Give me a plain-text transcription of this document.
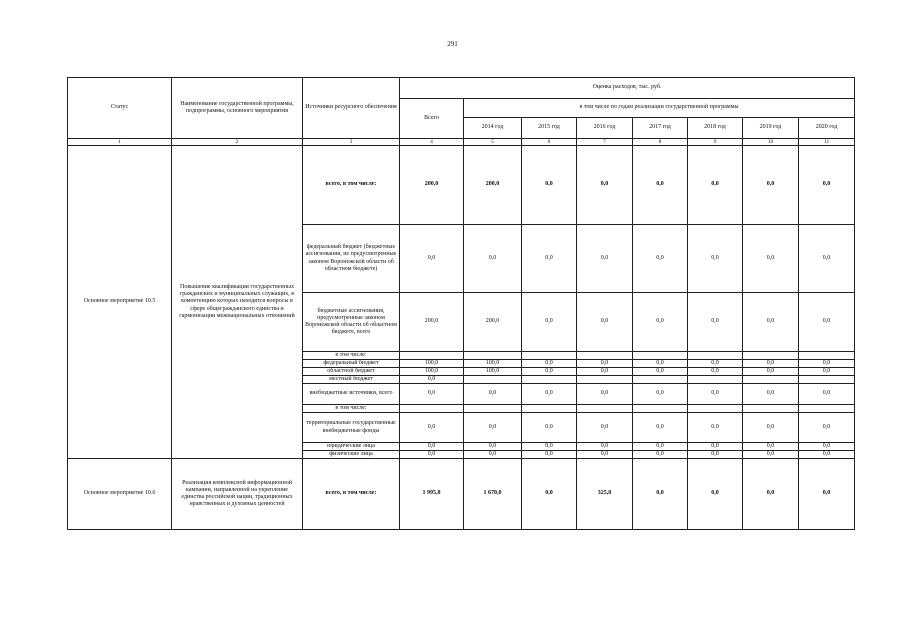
291
Статус	Наименование государственной программы, подпрограммы, основного мероприятия	Источники ресурсного обеспечения	Оценка расходов, тыс. руб.							
			Всего	в том числе по годам реализации государственной программы						
				2014 год	2015 год	2016 год	2017 год	2018 год	2019 год	2020 год
1	2	3	4	5	6	7	8	9	10	11
Основное мероприятие 10.5	Повышение квалификации государственных гражданских и муниципальных служащих, в компетенцию которых находятся вопросы в сфере общегражданского единства и гармонизации межнациональных отношений	всего, в том числе:	200,0	200,0	0,0	0,0	0,0	0,0	0,0	0,0
		федеральный бюджет (бюджетные ассигнования, не предусмотренные законом Воронежской области об областном бюджете)	0,0	0,0	0,0	0,0	0,0	0,0	0,0	0,0
		бюджетные ассигнования, предусмотренные законом Воронежской области об областном бюджете, всего	200,0	200,0	0,0	0,0	0,0	0,0	0,0	0,0
		в том числе:								
		федеральный бюджет	100,0	100,0	0,0	0,0	0,0	0,0	0,0	0,0
		областной бюджет	100,0	100,0	0,0	0,0	0,0	0,0	0,0	0,0
		местный бюджет	0,0							
		внебюджетные источники, всего	0,0	0,0	0,0	0,0	0,0	0,0	0,0	0,0
		в том числе:								
		территориальные государственные внебюджетные фонды	0,0	0,0	0,0	0,0	0,0	0,0	0,0	0,0
		юридические лица	0,0	0,0	0,0	0,0	0,0	0,0	0,0	0,0
		физические лица	0,0	0,0	0,0	0,0	0,0	0,0	0,0	0,0
Основное мероприятие 10.6	Реализация комплексной информационной кампании, направленной на укрепление единства российской нации, традиционных нравственных и духовных ценностей	всего, в том числе:	1 995,8	1 670,0	0,0	325,8	0,0	0,0	0,0	0,0
